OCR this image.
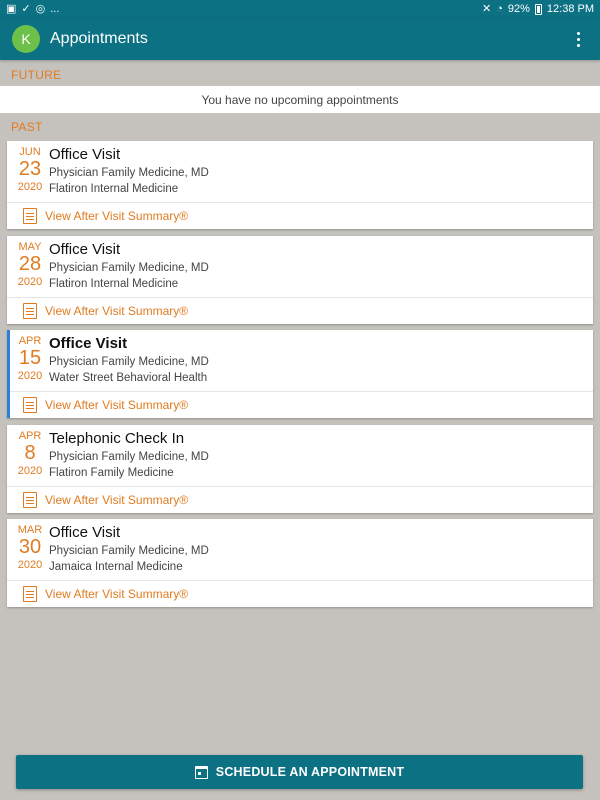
▣ ✓ ◎ ...	✕ ◔ 92% 12:38 PM
K	Appointments
FUTURE
You have no upcoming appointments
PAST
JUN
23
2020
Office Visit
Physician Family Medicine, MD
Flatiron Internal Medicine
View After Visit Summary®
MAY
28
2020
Office Visit
Physician Family Medicine, MD
Flatiron Internal Medicine
View After Visit Summary®
APR
15
2020
Office Visit
Physician Family Medicine, MD
Water Street Behavioral Health
View After Visit Summary®
APR
8
2020
Telephonic Check In
Physician Family Medicine, MD
Flatiron Family Medicine
View After Visit Summary®
MAR
30
2020
Office Visit
Physician Family Medicine, MD
Jamaica Internal Medicine
View After Visit Summary®
SCHEDULE AN APPOINTMENT
